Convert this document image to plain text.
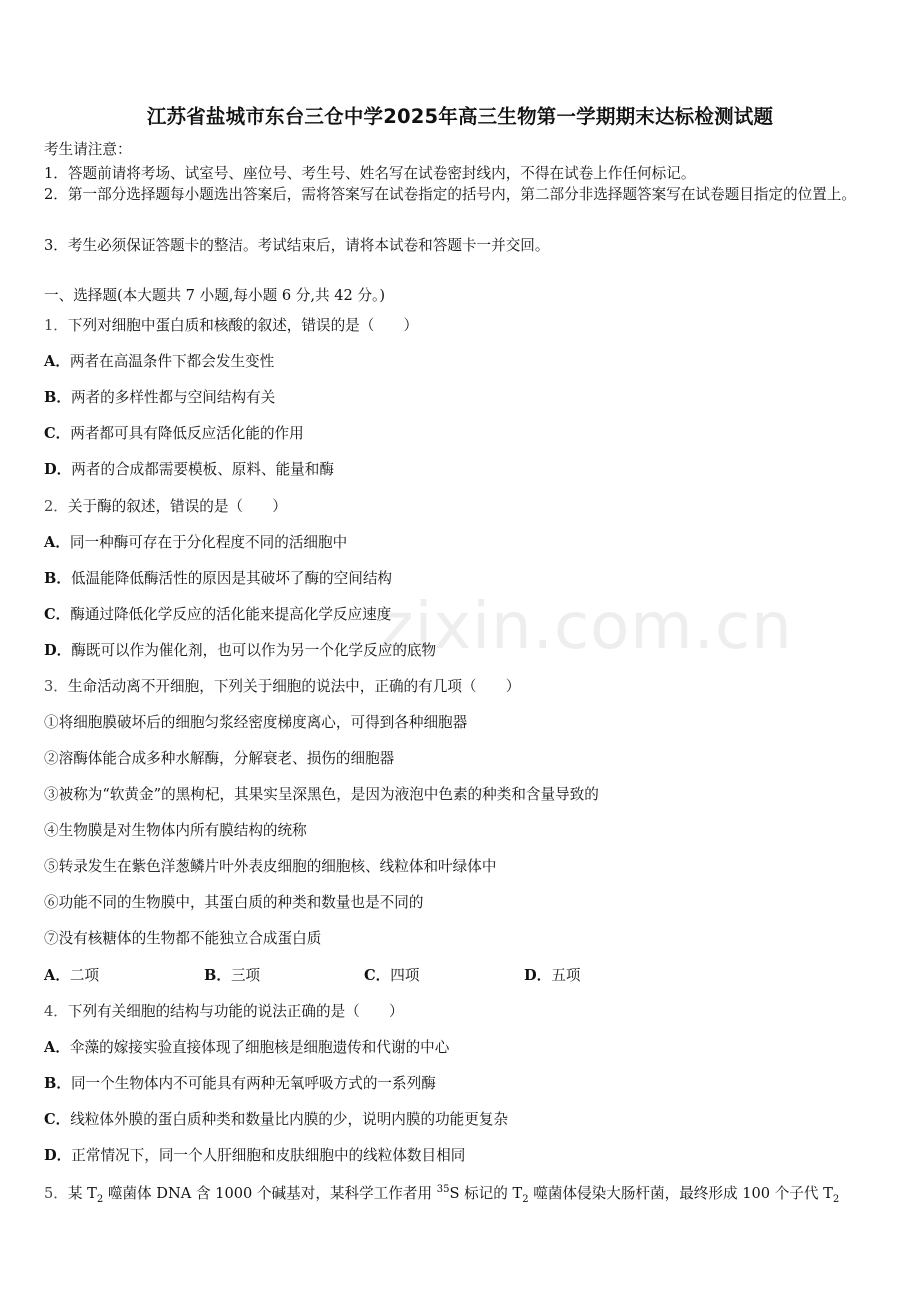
zixin.com.cn
江苏省盐城市东台三仓中学2025年高三生物第一学期期末达标检测试题
考生请注意：
1．答题前请将考场、试室号、座位号、考生号、姓名写在试卷密封线内，不得在试卷上作任何标记。
2．第一部分选择题每小题选出答案后，需将答案写在试卷指定的括号内，第二部分非选择题答案写在试卷题目指定的位置上。
3．考生必须保证答题卡的整洁。考试结束后，请将本试卷和答题卡一并交回。
一、选择题(本大题共 7 小题,每小题 6 分,共 42 分。)
1．下列对细胞中蛋白质和核酸的叙述，错误的是（　　）
A．两者在高温条件下都会发生变性
B．两者的多样性都与空间结构有关
C．两者都可具有降低反应活化能的作用
D．两者的合成都需要模板、原料、能量和酶
2．关于酶的叙述，错误的是（　　）
A．同一种酶可存在于分化程度不同的活细胞中
B．低温能降低酶活性的原因是其破坏了酶的空间结构
C．酶通过降低化学反应的活化能来提高化学反应速度
D．酶既可以作为催化剂，也可以作为另一个化学反应的底物
3．生命活动离不开细胞，下列关于细胞的说法中，正确的有几项（　　）
①将细胞膜破坏后的细胞匀浆经密度梯度离心，可得到各种细胞器
②溶酶体能合成多种水解酶，分解衰老、损伤的细胞器
③被称为“软黄金”的黑枸杞，其果实呈深黑色，是因为液泡中色素的种类和含量导致的
④生物膜是对生物体内所有膜结构的统称
⑤转录发生在紫色洋葱鳞片叶外表皮细胞的细胞核、线粒体和叶绿体中
⑥功能不同的生物膜中，其蛋白质的种类和数量也是不同的
⑦没有核糖体的生物都不能独立合成蛋白质
A．二项	B．三项	C．四项	D．五项
4．下列有关细胞的结构与功能的说法正确的是（　　）
A．伞藻的嫁接实验直接体现了细胞核是细胞遗传和代谢的中心
B．同一个生物体内不可能具有两种无氧呼吸方式的一系列酶
C．线粒体外膜的蛋白质种类和数量比内膜的少，说明内膜的功能更复杂
D．正常情况下，同一个人肝细胞和皮肤细胞中的线粒体数目相同
5．某 $T_2$ 噬菌体 DNA 含 1000 个碱基对，某科学工作者用 $^{35}$S 标记的 $T_2$ 噬菌体侵染大肠杆菌，最终形成 100 个子代 $T_2$
